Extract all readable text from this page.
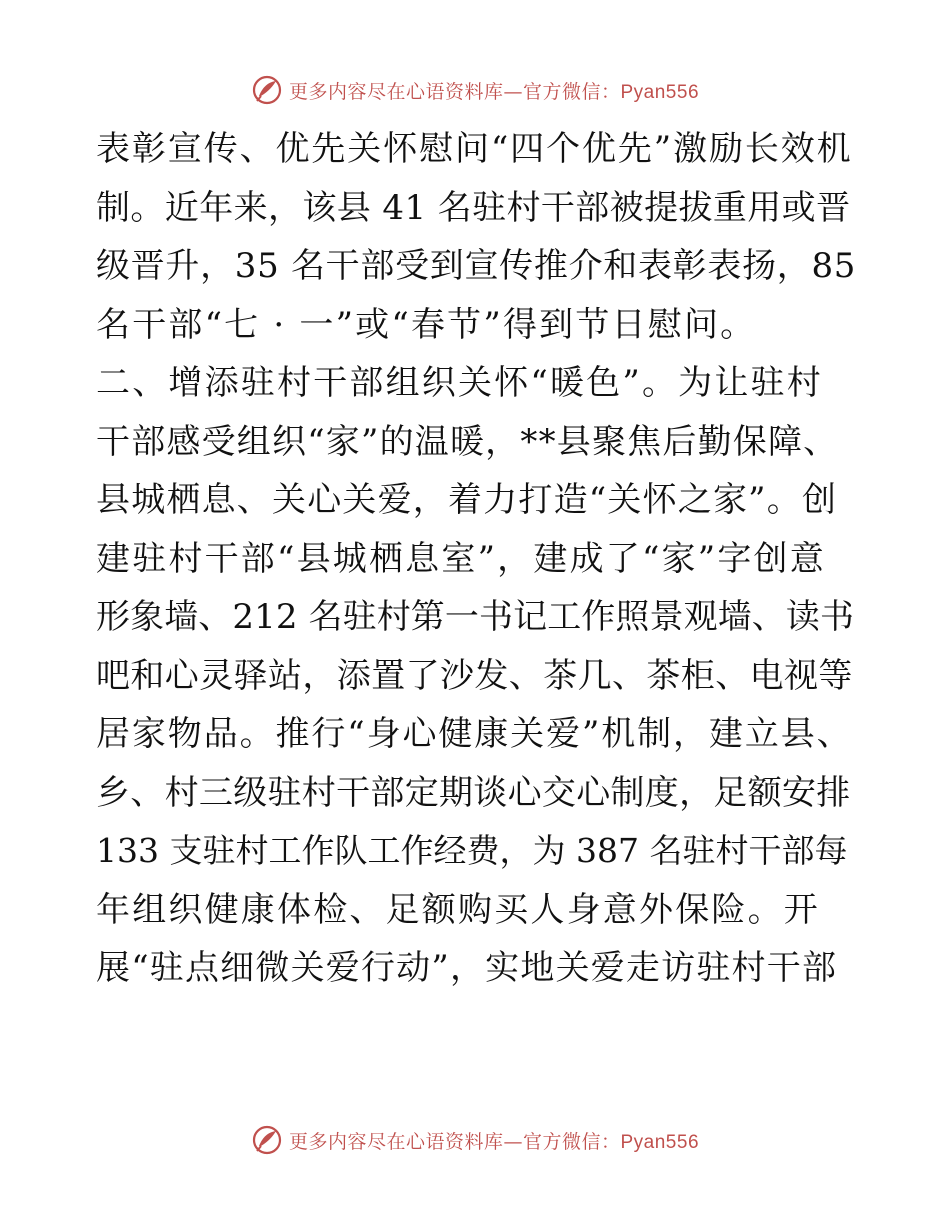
更多内容尽在心语资料库—官方微信：Pyan556
表彰宣传、优先关怀慰问“四个优先”激励长效机
制。近年来，该县 41 名驻村干部被提拔重用或晋
级晋升，35 名干部受到宣传推介和表彰表扬，85
名干部“七 · 一”或“春节”得到节日慰问。
二、增添驻村干部组织关怀“暖色”。为让驻村
干部感受组织“家”的温暖，**县聚焦后勤保障、
县城栖息、关心关爱，着力打造“关怀之家”。创
建驻村干部“县城栖息室”，建成了“家”字创意
形象墙、212 名驻村第一书记工作照景观墙、读书
吧和心灵驿站，添置了沙发、茶几、茶柜、电视等
居家物品。推行“身心健康关爱”机制，建立县、
乡、村三级驻村干部定期谈心交心制度，足额安排
133 支驻村工作队工作经费，为 387 名驻村干部每
年组织健康体检、足额购买人身意外保险。开
展“驻点细微关爱行动”，实地关爱走访驻村干部
更多内容尽在心语资料库—官方微信：Pyan556
